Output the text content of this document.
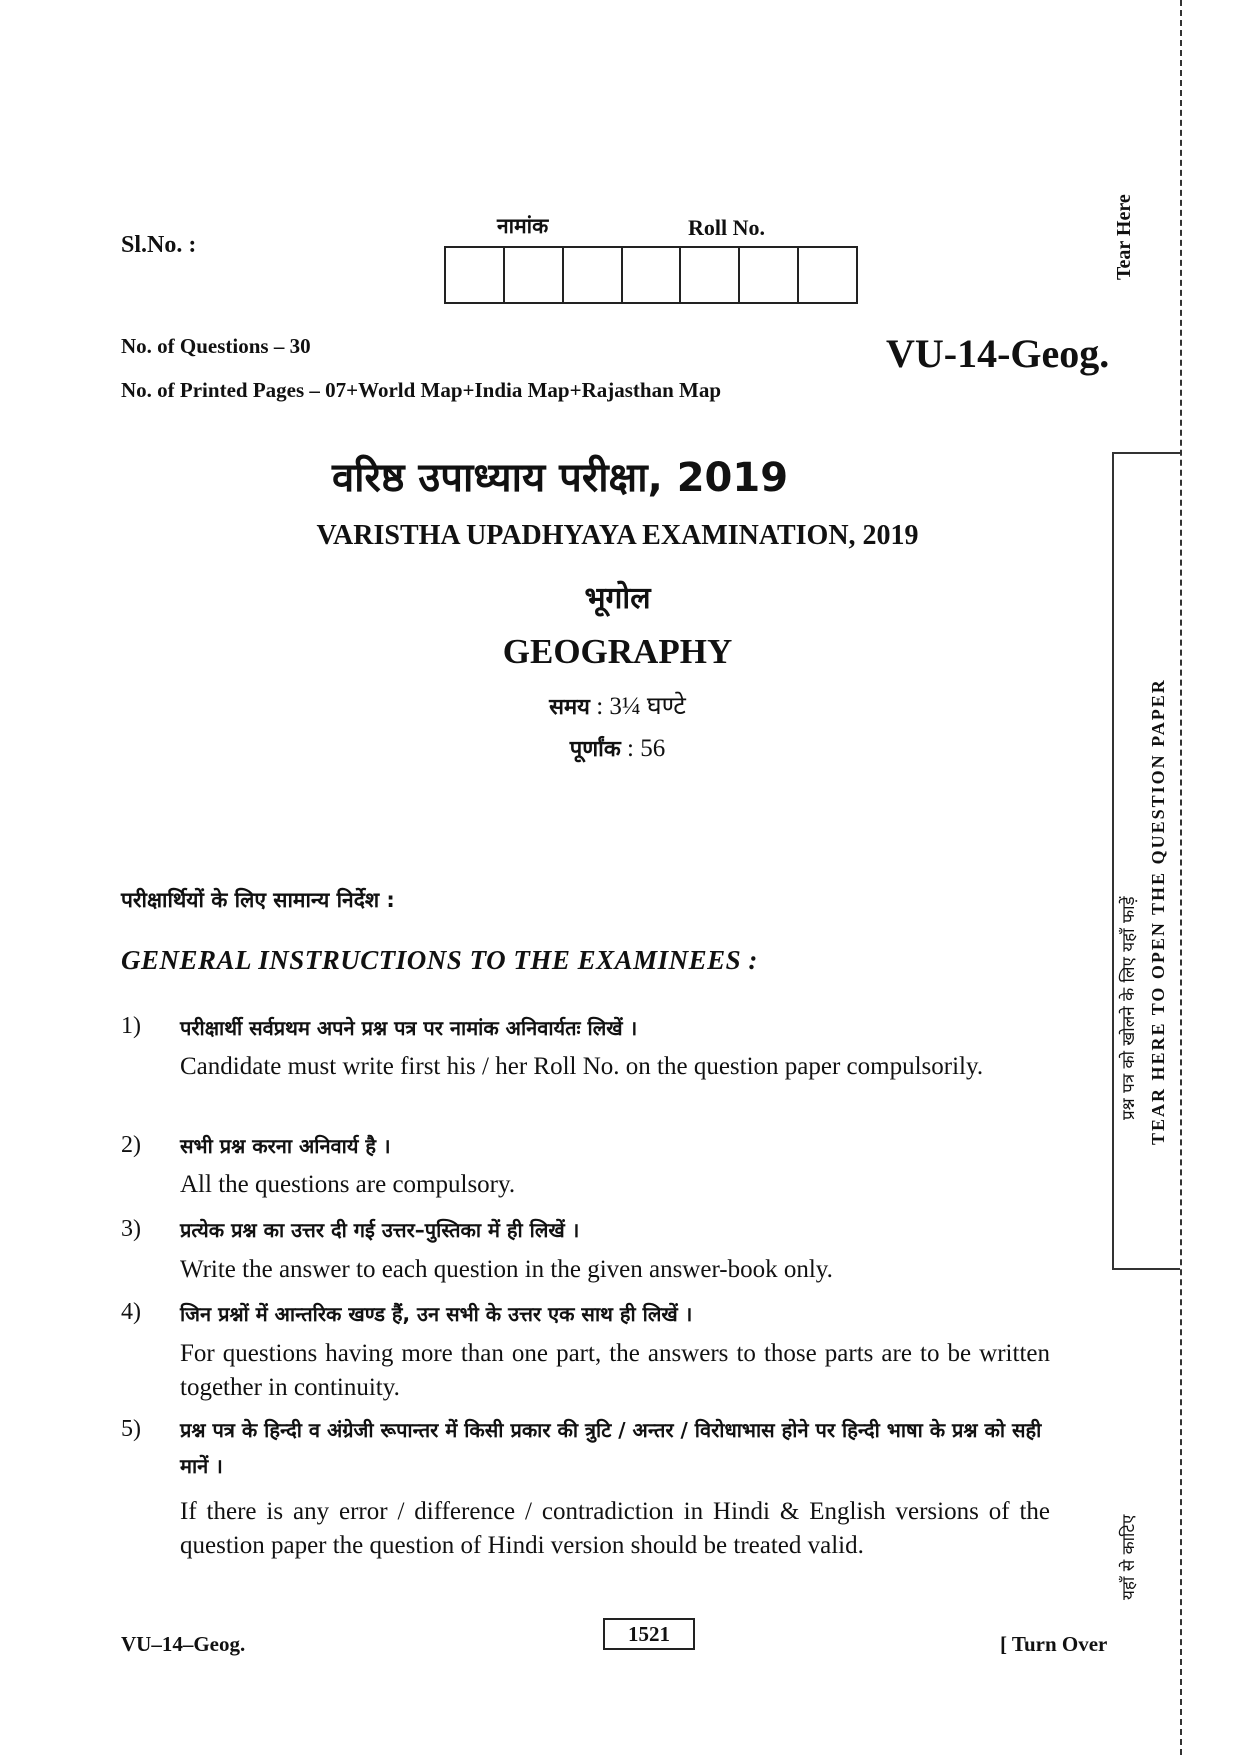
Sl.No. :
नामांक	Roll No.
No. of Questions – 30
No. of Printed Pages – 07+World Map+India Map+Rajasthan Map
VU-14-Geog.
वरिष्ठ उपाध्याय परीक्षा, 2019
VARISTHA UPADHYAYA EXAMINATION, 2019
भूगोल
GEOGRAPHY
समय : 3¼ घण्टे
पूर्णांक : 56
परीक्षार्थियों के लिए सामान्य निर्देश :
GENERAL INSTRUCTIONS TO THE EXAMINEES :
1) परीक्षार्थी सर्वप्रथम अपने प्रश्न पत्र पर नामांक अनिवार्यतः लिखें ।
Candidate must write first his / her Roll No. on the question paper compulsorily.
2) सभी प्रश्न करना अनिवार्य है ।
All the questions are compulsory.
3) प्रत्येक प्रश्न का उत्तर दी गई उत्तर–पुस्तिका में ही लिखें ।
Write the answer to each question in the given answer-book only.
4) जिन प्रश्नों में आन्तरिक खण्ड हैं, उन सभी के उत्तर एक साथ ही लिखें ।
For questions having more than one part, the answers to those parts are to be written together in continuity.
5) प्रश्न पत्र के हिन्दी व अंग्रेजी रूपान्तर में किसी प्रकार की त्रुटि / अन्तर / विरोधाभास होने पर हिन्दी भाषा के प्रश्न को सही मानें ।
If there is any error / difference / contradiction in Hindi & English versions of the question paper the question of Hindi version should be treated valid.
VU–14–Geog.	1521	[ Turn Over
Tear Here
TEAR HERE TO OPEN THE QUESTION PAPER
प्रश्न पत्र को खोलने के लिए यहाँ फाड़ें
यहाँ से काटिए
